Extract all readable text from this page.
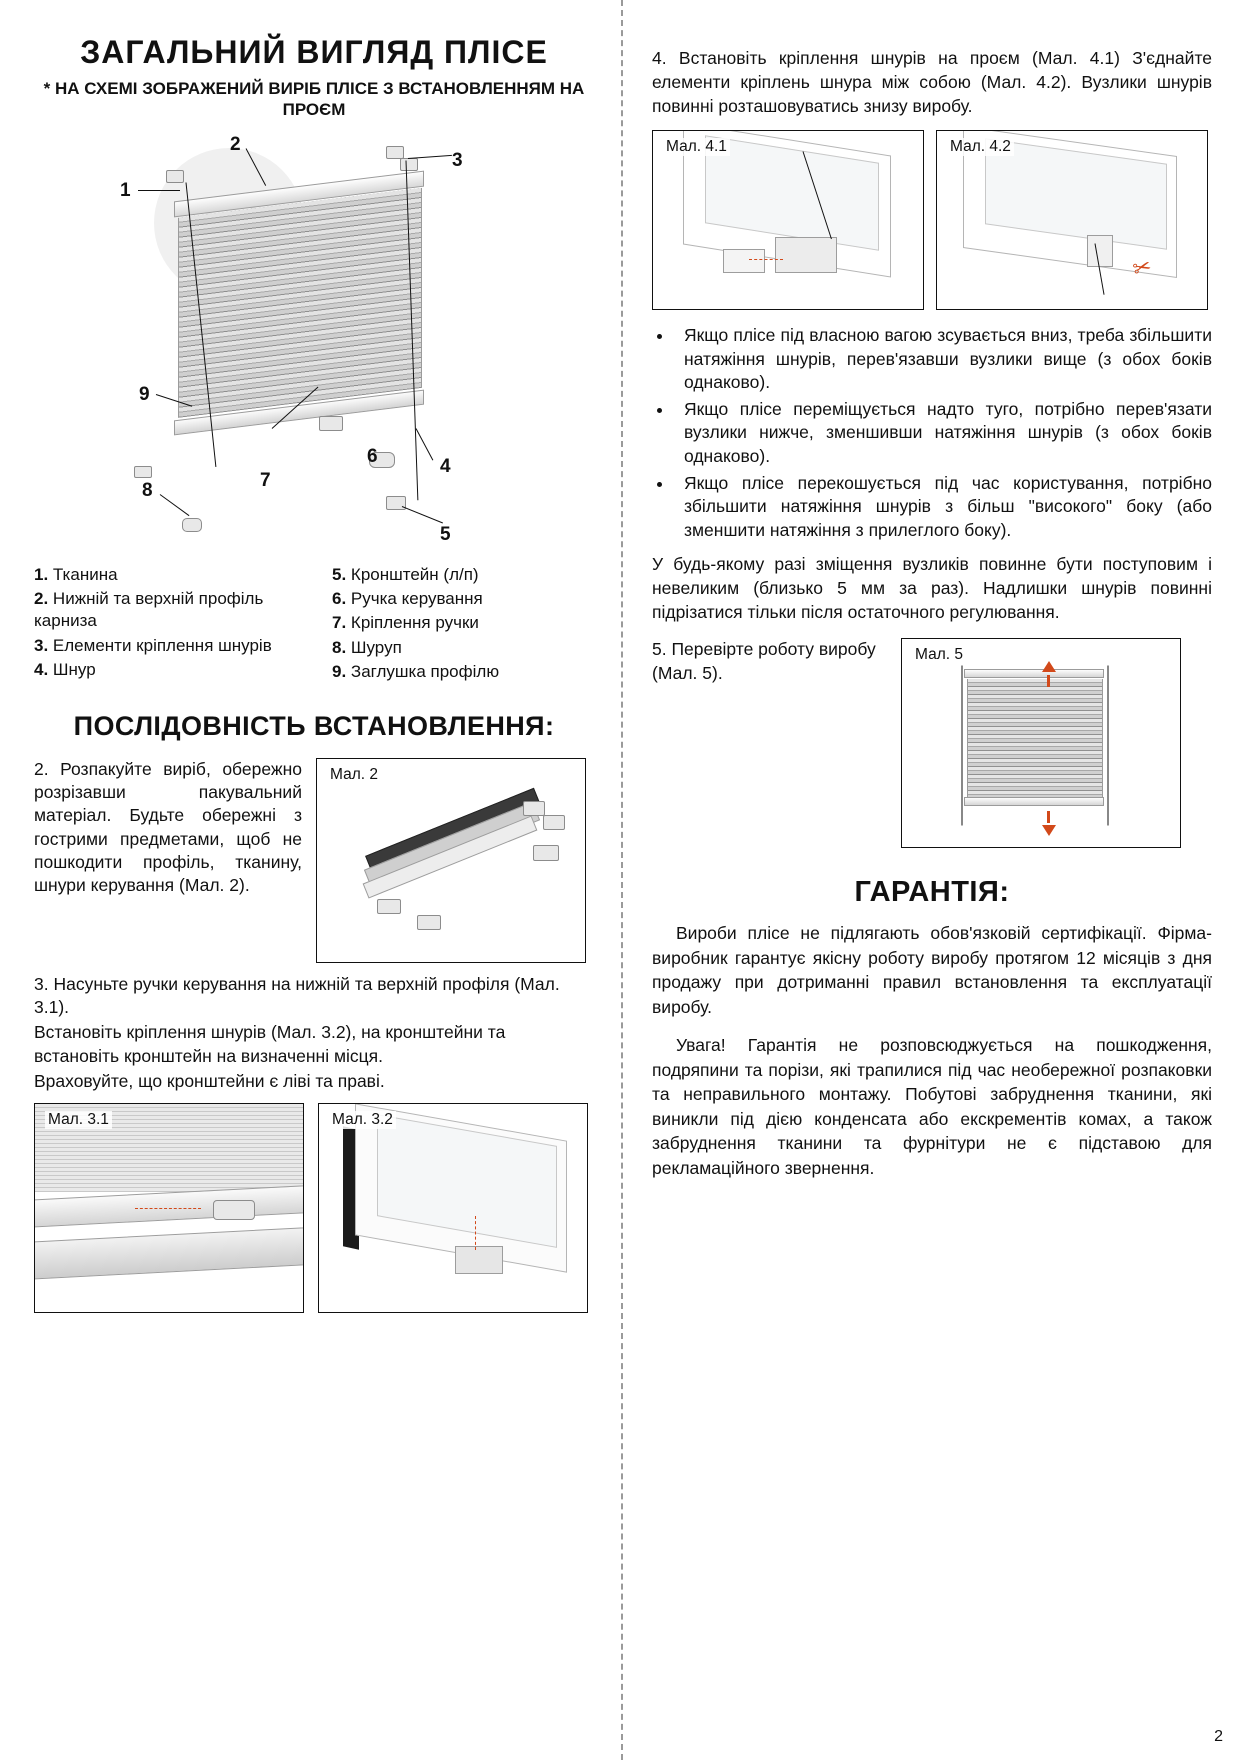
ЗАГАЛЬНИЙ ВИГЛЯД ПЛІСЕ
* НА СХЕМІ ЗОБРАЖЕНИЙ ВИРІБ ПЛІСЕ З ВСТАНОВЛЕННЯМ НА ПРОЄМ
1
2
3
4
5
6
7
8
9
1. Тканина
2. Нижній та верхній профіль карниза
3. Елементи кріплення шнурів
4. Шнур
5. Кронштейн (л/п)
6. Ручка керування
7. Кріплення ручки
8. Шуруп
9. Заглушка профілю
ПОСЛІДОВНІСТЬ ВСТАНОВЛЕННЯ:

2. Розпакуйте виріб, обережно розрізавши пакувальний матеріал. Будьте обережні з гострими предметами, щоб не пошкодити профіль, тканину, шнури керування (Мал. 2).

Мал. 2

3. Насуньте ручки керування на нижній та верхній профіля (Мал. 3.1).

Встановіть кріплення шнурів (Мал. 3.2), на кронштейни та встановіть кронштейн на визначенні місця.

Враховуйте, що кронштейни є ліві та праві.

Мал. 3.1	Мал. 3.2

4. Встановіть кріплення шнурів на проєм (Мал. 4.1) З'єднайте елементи кріплень шнура між собою (Мал. 4.2). Вузлики шнурів повинні розташовуватись знизу виробу.

Мал. 4.1	Мал. 4.2
✂
• Якщо пліcе під власною вагою зсувається вниз, треба збільшити натяжіння шнурів, перев'язавши вузлики вище (з обох боків однаково).
• Якщо пліcе переміщується надто туго, потрібно перев'язати вузлики нижче, зменшивши натяжіння шнурів (з обох боків однаково).
• Якщо пліcе перекошується під час користування, потрібно збільшити натяжіння шнурів з більш "високого" боку (або зменшити натяжіння з прилеглого боку).

У будь-якому разі зміщення вузликів повинне бути поступовим і невеликим (близько 5 мм за раз). Надлишки шнурів повинні підрізатися тільки після остаточного регулювання.

5. Перевірте роботу виробу (Мал. 5).
Мал. 5
ГАРАНТІЯ:

Вироби пліcе не підлягають обов'язковій сертифікації. Фірма-виробник гарантує якісну роботу виробу протягом 12 місяців з дня продажу при дотриманні правил встановлення та експлуатації виробу.

Увага! Гарантія не розповсюджується на пошкодження, подряпини та порізи, які трапилися під час необережної розпаковки та неправильного монтажу. Побутові забруднення тканини, які виникли під дією конденсата або екскрементів комах, а також забруднення тканини та фурнітури не є підставою для рекламаційного звернення.

2
